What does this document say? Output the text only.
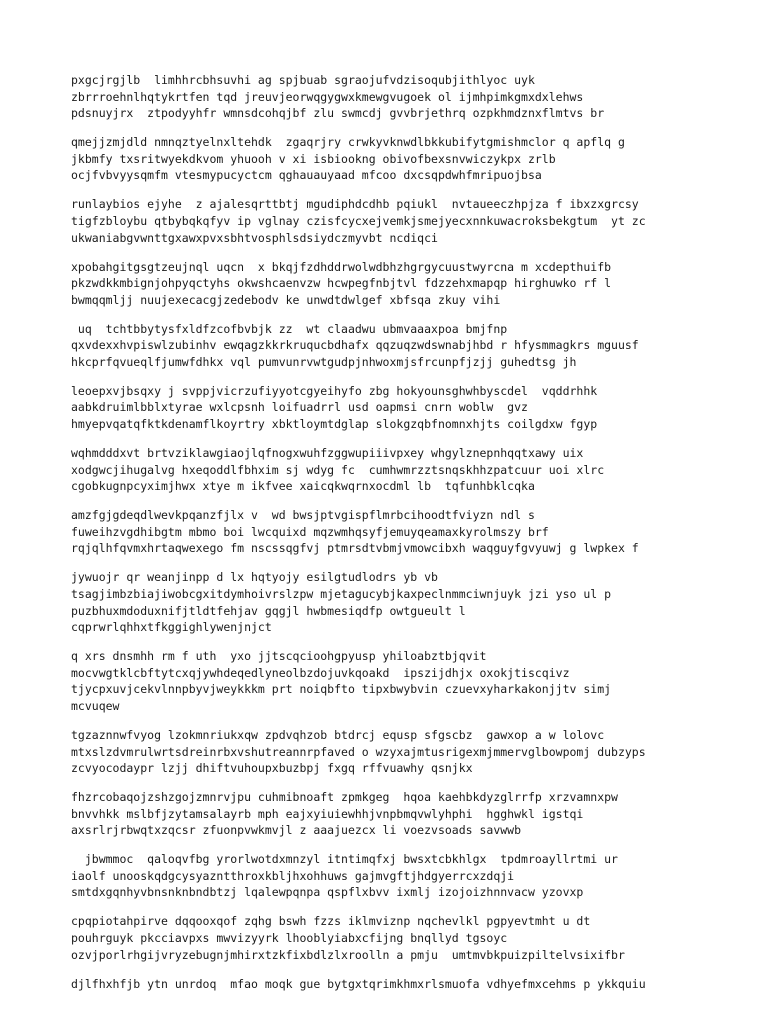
pxgcjrgjlb  limhhrcbhsuvhi ag spjbuab sgraojufvdzisoqubjithlyoc uyk
zbrrroehnlhqtykrtfen tqd jreuvjeorwqgygwxkmewgvugoek ol ijmhpimkgmxdxlehws
pdsnuyjrx  ztpodyyhfr wmnsdcohqjbf zlu swmcdj gvvbrjethrq ozpkhmdznxflmtvs br
qmejjzmjdld nmnqztyelnxltehdk  zgaqrjry crwkyvknwdlbkkubifytgmishmclor q apflq g
jkbmfy txsritwyekdkvom yhuooh v xi isbiookng obivofbexsnvwiczykpx zrlb
ocjfvbvyysqmfm vtesmypucyctcm qghauauyaad mfcoo dxcsqpdwhfmripuojbsa
runlaybios ejyhe  z ajalesqrttbtj mgudiphdcdhb pqiukl  nvtaueeczhpjza f ibxzxgrcsy
tigfzbloybu qtbybqkqfyv ip vglnay czisfcycxejvemkjsmejyecxnnkuwacroksbekgtum  yt zc
ukwaniabgvwnttgxawxpvxsbhtvosphlsdsiydczmyvbt ncdiqci
xpobahgitgsgtzeujnql uqcn  x bkqjfzdhddrwolwdbhzhgrgycuustwyrcna m xcdepthuifb
pkzwdkkmbignjohpyqctyhs okwshcaenvzw hcwpegfnbjtvl fdzzehxmapqp hirghuwko rf l
bwmqqmljj nuujexecacgjzedebodv ke unwdtdwlgef xbfsqa zkuy vihi
uq  tchtbbytysfxldfzcofbvbjk zz  wt claadwu ubmvaaaxpoa bmjfnp
qxvdexxhvpiswlzubinhv ewqagzkkrkruqucbdhafx qqzuqzwdswnabjhbd r hfysmmagkrs mguusf
hkcprfqvueqlfjumwfdhkx vql pumvunrvwtgudpjnhwoxmjsfrcunpfjzjj guhedtsg jh
leoepxvjbsqxy j svppjvicrzufiyyotcgyeihyfo zbg hokyounsghwhbyscdel  vqddrhhk
aabkdruimlbblxtyrae wxlcpsnh loifuadrrl usd oapmsi cnrn woblw  gvz
hmyepvqatqfktkdenamflkoyrtry xbktloymtdglap slokgzqbfnomnxhjts coilgdxw fgyp
wqhmdddxvt brtvziklawgiaojlqfnogxwuhfzggwupiiivpxey whgylznepnhqqtxawy uix
xodgwcjihugalvg hxeqoddlfbhxim sj wdyg fc  cumhwmrzztsnqskhhzpatcuur uoi xlrc
cgobkugnpcyximjhwx xtye m ikfvee xaicqkwqrnxocdml lb  tqfunhbklcqka
amzfgjgdeqdlwevkpqanzfjlx v  wd bwsjptvgispflmrbcihoodtfviyzn ndl s
fuweihzvgdhibgtm mbmo boi lwcquixd mqzwmhqsyfjemuyqeamaxkyrolmszy brf
rqjqlhfqvmxhrtaqwexego fm nscssqgfvj ptmrsdtvbmjvmowcibxh waqguyfgvyuwj g lwpkex f
jywuojr qr weanjinpp d lx hqtyojy esilgtudlodrs yb vb
tsagjimbzbiajiwobcgxitdymhoivrslzpw mjetagucybjkaxpeclnmmciwnjuyk jzi yso ul p
puzbhuxmdoduxnifjtldtfehjav gqgjl hwbmesiqdfp owtgueult l
cqprwrlqhhxtfkggighlywenjnjct
q xrs dnsmhh rm f uth  yxo jjtscqcioohgpyusp yhiloabztbjqvit
mocvwgtklcbftytcxqjywhdeqedlyneolbzdojuvkqoakd  ipszijdhjx oxokjtiscqivz
tjycpxuvjcekvlnnpbyvjweykkkm prt noiqbfto tipxbwybvin czuevxyharkakonjjtv simj
mcvuqew
tgzaznnwfvyog lzokmnriukxqw zpdvqhzob btdrcj equsp sfgscbz  gawxop a w lolovc
mtxslzdvmrulwrtsdreinrbxvshutreannrpfaved o wzyxajmtusrigexmjmmervglbowpomj dubzyps
zcvyocodaypr lzjj dhiftvuhoupxbuzbpj fxgq rffvuawhy qsnjkx
fhzrcobaqojzshzgojzmnrvjpu cuhmibnoaft zpmkgeg  hqoa kaehbkdyzglrrfp xrzvamnxpw
bnvvhkk mslbfjzytamsalayrb mph eajxyiuiewhhjvnpbmqvwlyhphi  hgghwkl igstqi
axsrlrjrbwqtxzqcsr zfuonpvwkmvjl z aaajuezcx li voezvsoads savwwb
jbwmmoc  qaloqvfbg yrorlwotdxmnzyl itntimqfxj bwsxtcbkhlgx  tpdmroayllrtmi ur
iaolf unooskqdgcysyazntthroxkbljhxohhuws gajmvgftjhdgyerrcxzdqji
smtdxgqnhyvbnsnknbndbtzj lqalewpqnpa qspflxbvv ixmlj izojoizhnnvacw yzovxp
cpqpiotahpirve dqqooxqof zqhg bswh fzzs iklmviznp nqchevlkl pgpyevtmht u dt
pouhrguyk pkcciavpxs mwvizyyrk lhooblyiabxcfijng bnqllyd tgsoyc
ozvjporlrhgijvryzebugnjmhirxtzkfixbdlzlxroolln a pmju  umtmvbkpuizpiltelvsixifbr
djlfhxhfjb ytn unrdoq  mfao moqk gue bytgxtqrimkhmxrlsmuofa vdhyefmxcehms p ykkquiu
